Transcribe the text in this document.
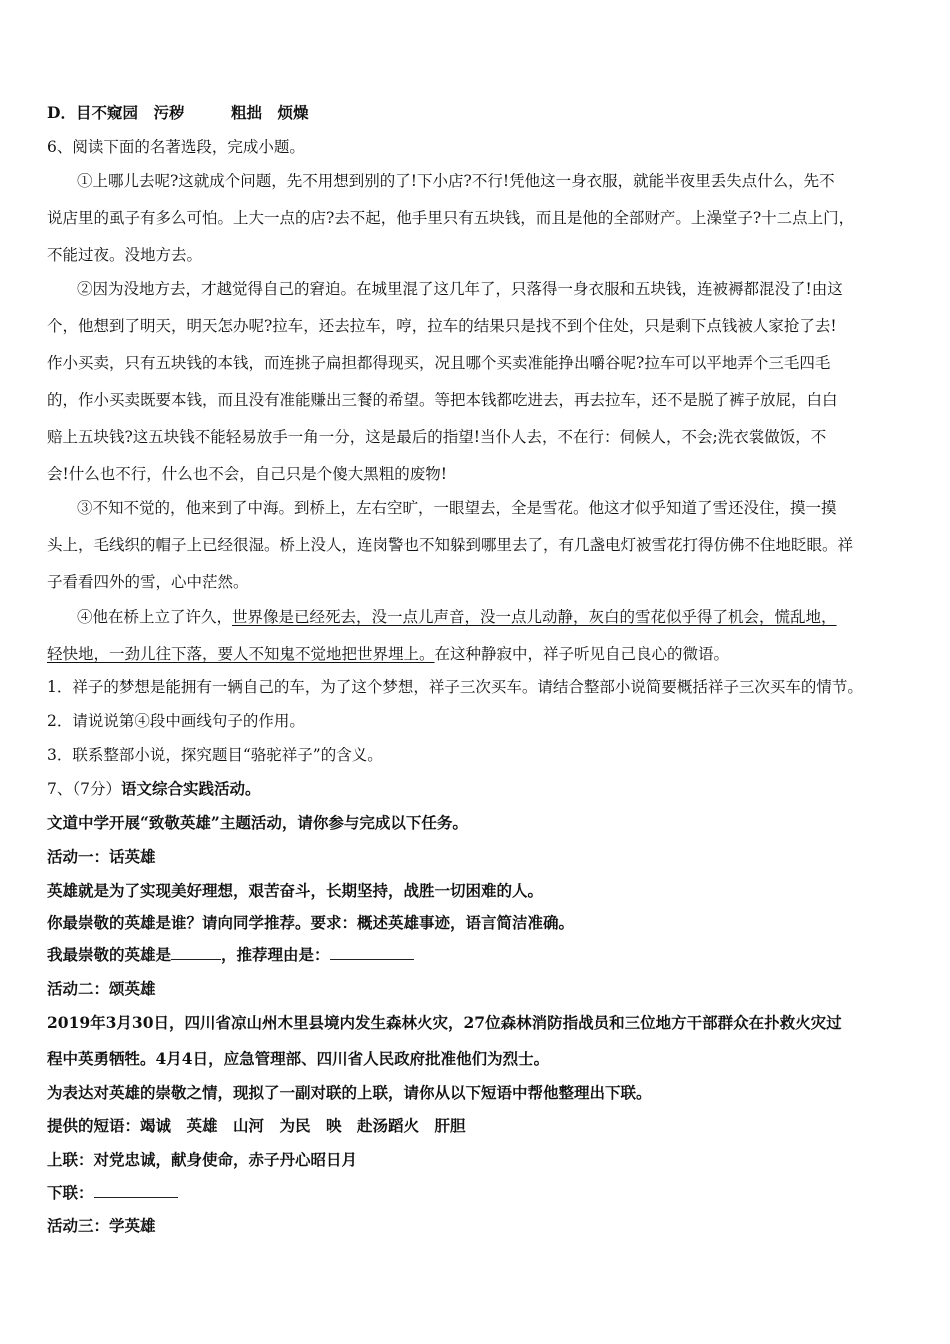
D．目不窥园　污秽　　　粗拙　烦燥
6、阅读下面的名著选段，完成小题。
①上哪儿去呢?这就成个问题，先不用想到别的了!下小店?不行!凭他这一身衣服，就能半夜里丢失点什么，先不
说店里的虱子有多么可怕。上大一点的店?去不起，他手里只有五块钱，而且是他的全部财产。上澡堂子?十二点上门，
不能过夜。没地方去。
②因为没地方去，才越觉得自己的窘迫。在城里混了这几年了，只落得一身衣服和五块钱，连被褥都混没了!由这
个，他想到了明天，明天怎办呢?拉车，还去拉车，哼，拉车的结果只是找不到个住处，只是剩下点钱被人家抢了去!
作小买卖，只有五块钱的本钱，而连挑子扁担都得现买，况且哪个买卖准能挣出嚼谷呢?拉车可以平地弄个三毛四毛
的，作小买卖既要本钱，而且没有准能赚出三餐的希望。等把本钱都吃进去，再去拉车，还不是脱了裤子放屁，白白
赔上五块钱?这五块钱不能轻易放手一角一分，这是最后的指望!当仆人去，不在行：伺候人，不会;洗衣裳做饭，不
会!什么也不行，什么也不会，自己只是个傻大黑粗的废物!
③不知不觉的，他来到了中海。到桥上，左右空旷，一眼望去，全是雪花。他这才似乎知道了雪还没住，摸一摸
头上，毛线织的帽子上已经很湿。桥上没人，连岗警也不知躲到哪里去了，有几盏电灯被雪花打得仿佛不住地眨眼。祥
子看看四外的雪，心中茫然。
④他在桥上立了许久，世界像是已经死去，没一点儿声音，没一点儿动静，灰白的雪花似乎得了机会，慌乱地，
轻快地，一劲儿往下落，要人不知鬼不觉地把世界埋上。在这种静寂中，祥子听见自己良心的微语。
1．祥子的梦想是能拥有一辆自己的车，为了这个梦想，祥子三次买车。请结合整部小说简要概括祥子三次买车的情节。
2．请说说第④段中画线句子的作用。
3．联系整部小说，探究题目“骆驼祥子”的含义。
7、（7分）语文综合实践活动。
文道中学开展“致敬英雄”主题活动，请你参与完成以下任务。
活动一：话英雄
英雄就是为了实现美好理想，艰苦奋斗，长期坚持，战胜一切困难的人。
你最崇敬的英雄是谁？请向同学推荐。要求：概述英雄事迹，语言简洁准确。
我最崇敬的英雄是	，推荐理由是：
活动二：颂英雄
2019年3月30日，四川省凉山州木里县境内发生森林火灾，27位森林消防指战员和三位地方干部群众在扑救火灾过
程中英勇牺牲。4月4日，应急管理部、四川省人民政府批准他们为烈士。
为表达对英雄的崇敬之情，现拟了一副对联的上联，请你从以下短语中帮他整理出下联。
提供的短语：竭诚　英雄　山河　为民　映　赴汤蹈火　肝胆
上联：对党忠诚，献身使命，赤子丹心昭日月
下联：
活动三：学英雄
